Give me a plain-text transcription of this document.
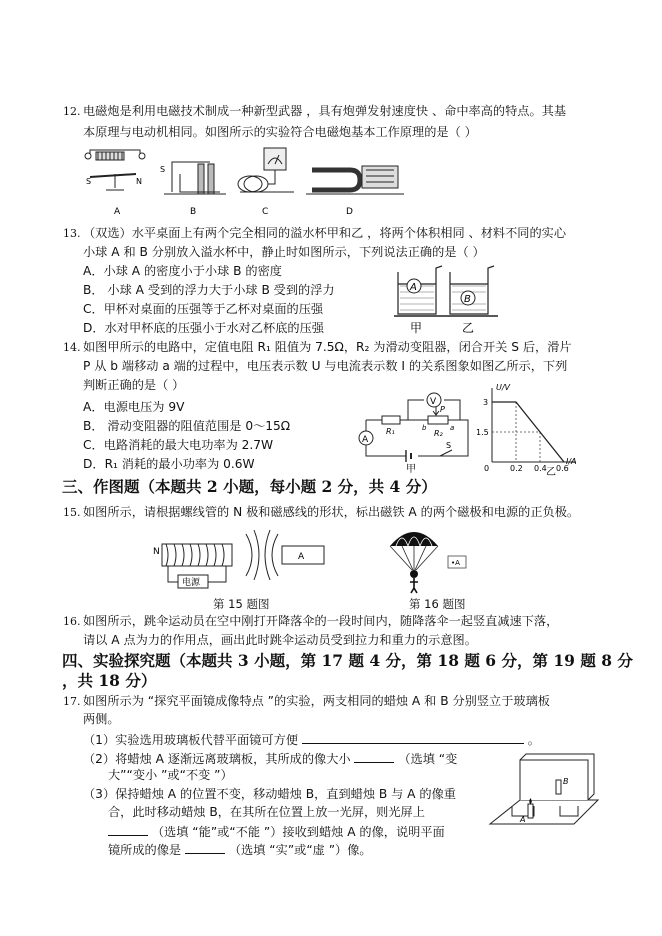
12. 电磁炮是利用电磁技术制成一种新型武器 ，具有炮弹发射速度快 、命中率高的特点。其基
本原理与电动机相同。如图所示的实验符合电磁炮基本工作原理的是（ ）
S	N
S
A	B	C	D
13. （双选）水平桌面上有两个完全相同的溢水杯甲和乙 ，将两个体积相同 、材料不同的实心
小球 A 和 B 分别放入溢水杯中，静止时如图所示，下列说法正确的是（ ）
A．小球 A 的密度小于小球 B 的密度
B． 小球 A 受到的浮力大于小球 B 受到的浮力
C．甲杯对桌面的压强等于乙杯对桌面的压强
D．水对甲杯底的压强小于水对乙杯底的压强
A
B
甲	乙
14. 如图甲所示的电路中，定值电阻 R₁ 阻值为 7.5Ω，R₂ 为滑动变阻器，闭合开关 S 后，滑片
P 从 b 端移动 a 端的过程中，电压表示数 U 与电流表示数 I 的关系图象如图乙所示，下列
判断正确的是（ ）
A．电源电压为 9V
B． 滑动变阻器的阻值范围是 0～15Ω
C．电路消耗的最大电功率为 2.7W
D．R₁ 消耗的最小功率为 0.6W
V
A
P
b	a
R₁	R₂
S
甲
U/V
I/A
3
1.5
0	0.2 0.4 0.6
乙
三、作图题（本题共 2 小题，每小题 2 分，共 4 分）
15. 如图所示，请根据螺线管的 N 极和磁感线的形状，标出磁铁 A 的两个磁极和电源的正负极。
N
电源
A
•A
第 15 题图	第 16 题图
16. 如图所示，跳伞运动员在空中刚打开降落伞的一段时间内，随降落伞一起竖直减速下落，
请以 A 点为力的作用点，画出此时跳伞运动员受到拉力和重力的示意图。
四、实验探究题（本题共 3 小题，第 17 题 4 分，第 18 题 6 分，第 19 题 8 分
，共 18 分）
17. 如图所示为 “探究平面镜成像特点 ”的实验，两支相同的蜡烛 A 和 B 分别竖立于玻璃板
两侧。
（1）实验选用玻璃板代替平面镜可方便	。
（2）将蜡烛 A 逐渐远离玻璃板，其所成的像大小	（选填 “变
大”“变小 ”或“不变 ”）
（3）保持蜡烛 A 的位置不变，移动蜡烛 B，直到蜡烛 B 与 A 的像重
合，此时移动蜡烛 B，在其所在位置上放一光屏，则光屏上
（选填 “能”或“不能 ”）接收到蜡烛 A 的像，说明平面
镜所成的像是	（选填 “实”或“虚 ”）像。
A
B
